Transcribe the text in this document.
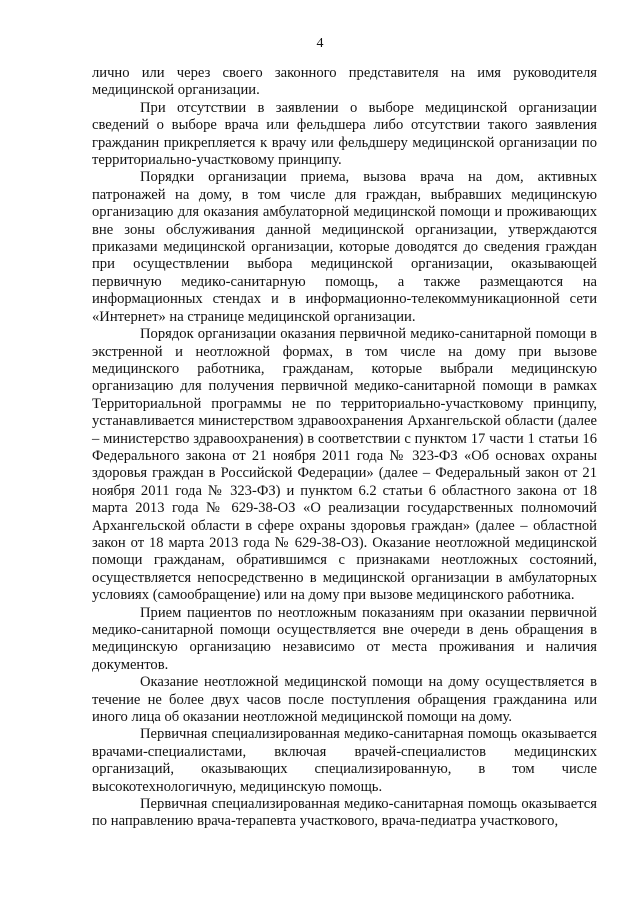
4

лично или через своего законного представителя на имя руководителя медицинской организации.

При отсутствии в заявлении о выборе медицинской организации сведений о выборе врача или фельдшера либо отсутствии такого заявления гражданин прикрепляется к врачу или фельдшеру медицинской организации по территориально-участковому принципу.

Порядки организации приема, вызова врача на дом, активных патронажей на дому, в том числе для граждан, выбравших медицинскую организацию для оказания амбулаторной медицинской помощи и проживающих вне зоны обслуживания данной медицинской организации, утверждаются приказами медицинской организации, которые доводятся до сведения граждан при осуществлении выбора медицинской организации, оказывающей первичную медико-санитарную помощь, а также размещаются на информационных стендах и в информационно-телекоммуникационной сети «Интернет» на странице медицинской организации.

Порядок организации оказания первичной медико-санитарной помощи в экстренной и неотложной формах, в том числе на дому при вызове медицинского работника, гражданам, которые выбрали медицинскую организацию для получения первичной медико-санитарной помощи в рамках Территориальной программы не по территориально-участковому принципу, устанавливается министерством здравоохранения Архангельской области (далее – министерство здравоохранения) в соответствии с пунктом 17 части 1 статьи 16 Федерального закона от 21 ноября 2011 года № 323-ФЗ «Об основах охраны здоровья граждан в Российской Федерации» (далее – Федеральный закон от 21 ноября 2011 года № 323-ФЗ) и пунктом 6.2 статьи 6 областного закона от 18 марта 2013 года № 629-38-ОЗ «О реализации государственных полномочий Архангельской области в сфере охраны здоровья граждан» (далее – областной закон от 18 марта 2013 года № 629-38-ОЗ). Оказание неотложной медицинской помощи гражданам, обратившимся с признаками неотложных состояний, осуществляется непосредственно в медицинской организации в амбулаторных условиях (самообращение) или на дому при вызове медицинского работника.

Прием пациентов по неотложным показаниям при оказании первичной медико-санитарной помощи осуществляется вне очереди в день обращения в медицинскую организацию независимо от места проживания и наличия документов.

Оказание неотложной медицинской помощи на дому осуществляется в течение не более двух часов после поступления обращения гражданина или иного лица об оказании неотложной медицинской помощи на дому.

Первичная специализированная медико-санитарная помощь оказывается врачами-специалистами, включая врачей-специалистов медицинских организаций, оказывающих специализированную, в том числе высокотехнологичную, медицинскую помощь.

Первичная специализированная медико-санитарная помощь оказывается по направлению врача-терапевта участкового, врача-педиатра участкового,
